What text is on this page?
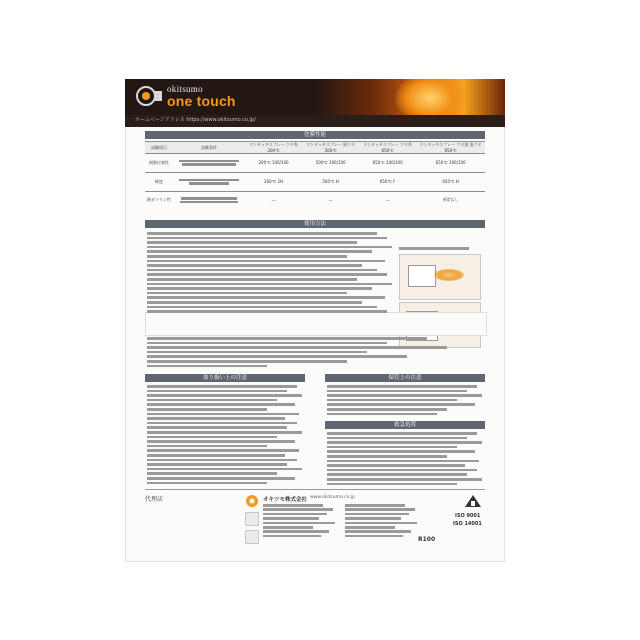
okitsumo
one touch
ホームページアドレス https://www.okitsumo.co.jp/
塗膜性能
試験項目	試験条件	ワンタッチスプレー ツヤ有 200℃	ワンタッチスプレー 黒ツヤ 500℃	ワンタッチスプレー ツヤ有 650℃	ワンタッチスプレー ツヤ消 黒ツヤ 650℃
耐熱付着性		200℃ 100/100	500℃ 100/100	650℃ 100/100	650℃ 100/100
硬度		200℃ 2H	500℃ H	650℃ F	650℃ H
耐ガソリン性		—	—	—	異常なし
使用方法
取り扱い上の注意	保管上の注意
救急処置
代理店	オキツモ株式会社 www.okitsumo.co.jp
ISO 9001
ISO 14001
R100
